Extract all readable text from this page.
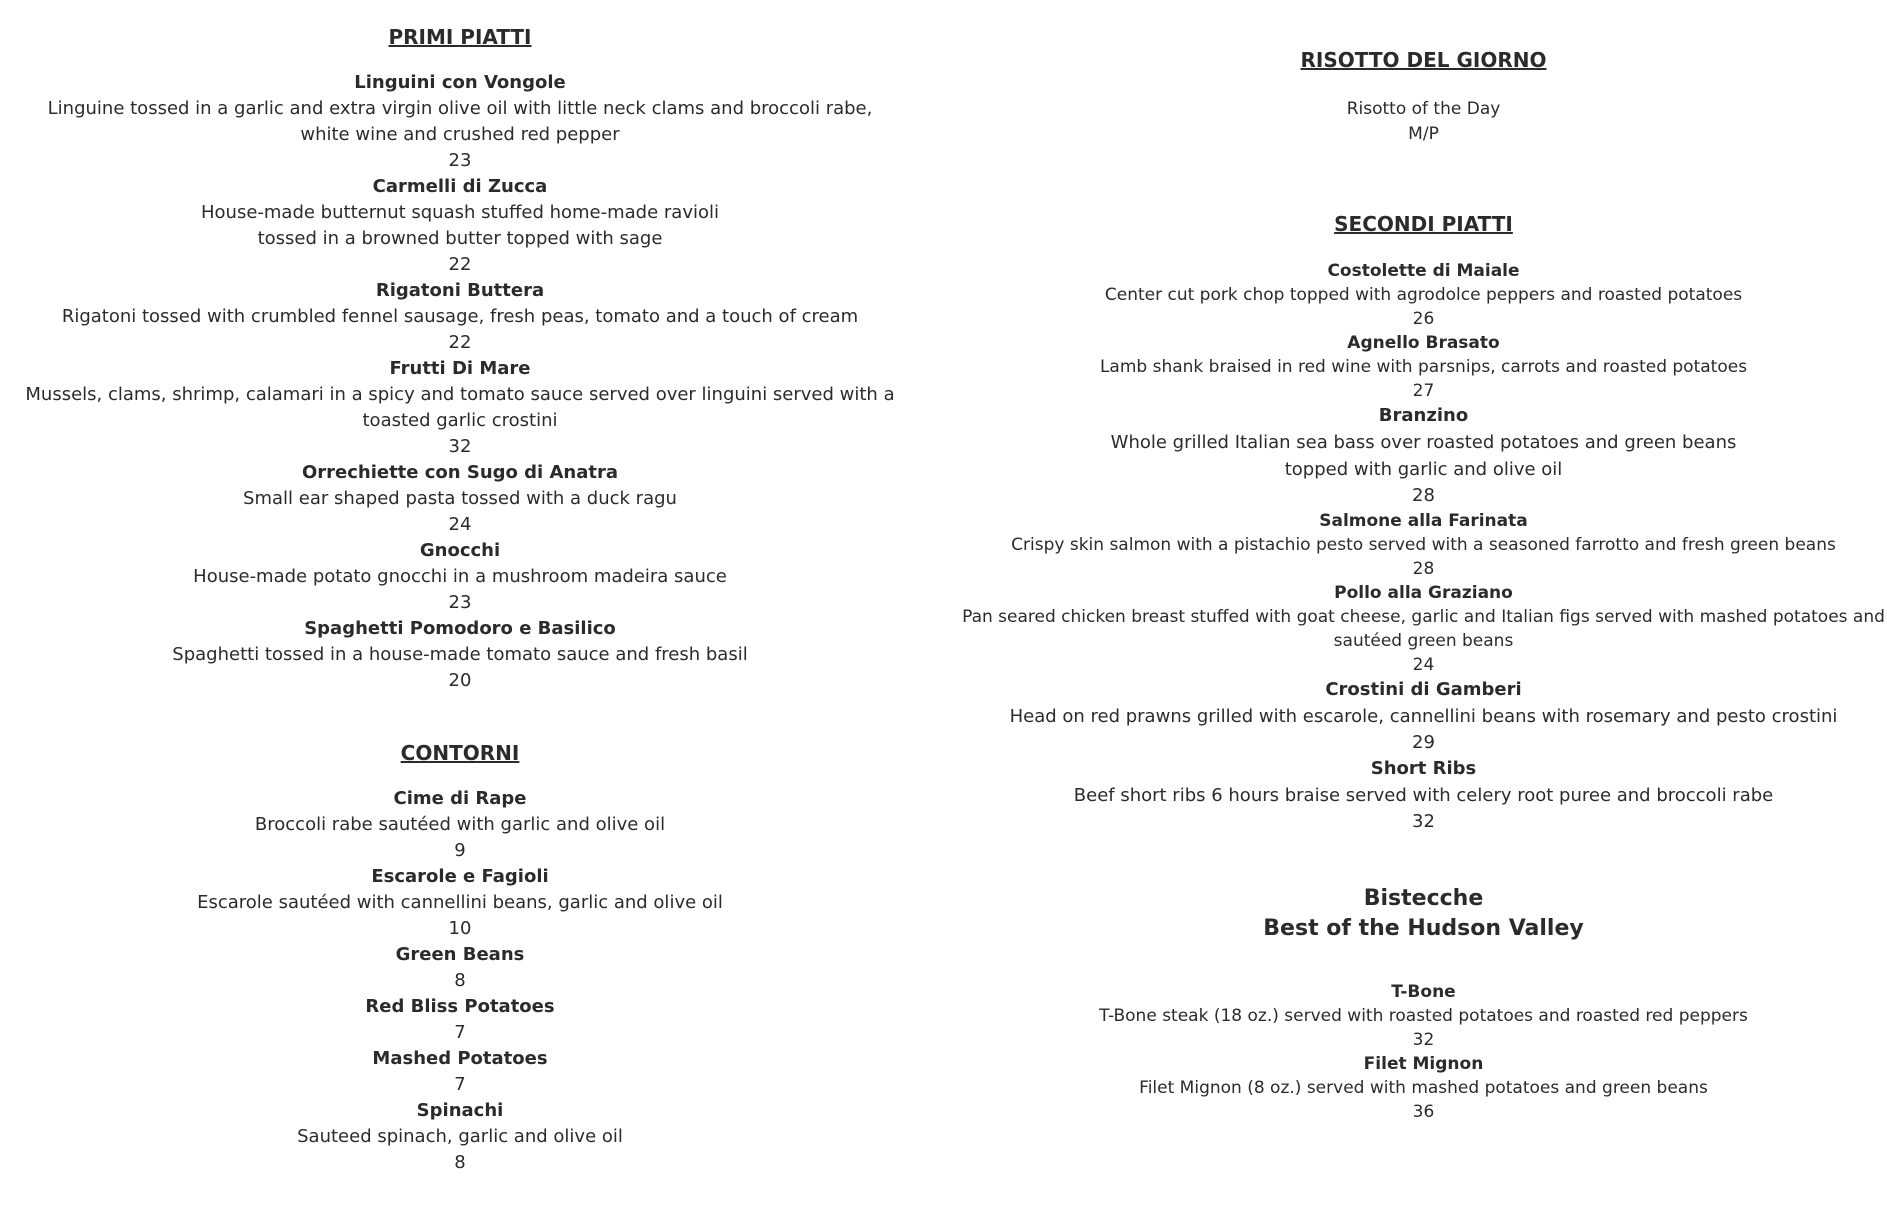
PRIMI PIATTI
Linguini con Vongole
Linguine tossed in a garlic and extra virgin olive oil with little neck clams and broccoli rabe,
white wine and crushed red pepper
23
Carmelli di Zucca
House-made butternut squash stuffed home-made ravioli
tossed in a browned butter topped with sage
22
Rigatoni Buttera
Rigatoni tossed with crumbled fennel sausage, fresh peas, tomato and a touch of cream
22
Frutti Di Mare
Mussels, clams, shrimp, calamari in a spicy and tomato sauce served over linguini served with a
toasted garlic crostini
32
Orrechiette con Sugo di Anatra
Small ear shaped pasta tossed with a duck ragu
24
Gnocchi
House-made potato gnocchi in a mushroom madeira sauce
23
Spaghetti Pomodoro e Basilico
Spaghetti tossed in a house-made tomato sauce and fresh basil
20
CONTORNI
Cime di Rape
Broccoli rabe sautéed with garlic and olive oil
9
Escarole e Fagioli
Escarole sautéed with cannellini beans, garlic and olive oil
10
Green Beans
8
Red Bliss Potatoes
7
Mashed Potatoes
7
Spinachi
Sauteed spinach, garlic and olive oil
8
RISOTTO DEL GIORNO
Risotto of the Day
M/P
SECONDI PIATTI
Costolette di Maiale
Center cut pork chop topped with agrodolce peppers and roasted potatoes
26
Agnello Brasato
Lamb shank braised in red wine with parsnips, carrots and roasted potatoes
27
Branzino
Whole grilled Italian sea bass over roasted potatoes and green beans
topped with garlic and olive oil
28
Salmone alla Farinata
Crispy skin salmon with a pistachio pesto served with a seasoned farrotto and fresh green beans
28
Pollo alla Graziano
Pan seared chicken breast stuffed with goat cheese, garlic and Italian figs served with mashed potatoes and
sautéed green beans
24
Crostini di Gamberi
Head on red prawns grilled with escarole, cannellini beans with rosemary and pesto crostini
29
Short Ribs
Beef short ribs 6 hours braise served with celery root puree and broccoli rabe
32
Bistecche
Best of the Hudson Valley
T-Bone
T-Bone steak (18 oz.) served with roasted potatoes and roasted red peppers
32
Filet Mignon
Filet Mignon (8 oz.) served with mashed potatoes and green beans
36
